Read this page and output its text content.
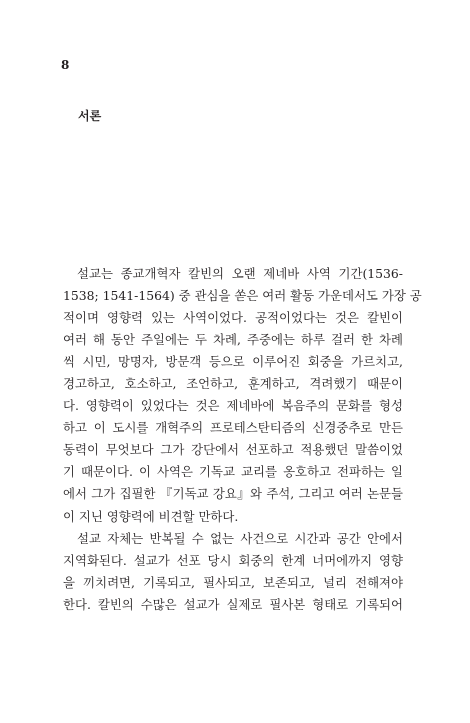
8
서론
설교는 종교개혁자 칼빈의 오랜 제네바 사역 기간(1536-
1538; 1541-1564) 중 관심을 쏟은 여러 활동 가운데서도 가장 공
적이며 영향력 있는 사역이었다. 공적이었다는 것은 칼빈이
여러 해 동안 주일에는 두 차례, 주중에는 하루 걸러 한 차례
씩 시민, 망명자, 방문객 등으로 이루어진 회중을 가르치고,
경고하고, 호소하고, 조언하고, 훈계하고, 격려했기 때문이
다. 영향력이 있었다는 것은 제네바에 복음주의 문화를 형성
하고 이 도시를 개혁주의 프로테스탄티즘의 신경중추로 만든
동력이 무엇보다 그가 강단에서 선포하고 적용했던 말씀이었
기 때문이다. 이 사역은 기독교 교리를 옹호하고 전파하는 일
에서 그가 집필한 『기독교 강요』와 주석, 그리고 여러 논문들
이 지닌 영향력에 비견할 만하다.
설교 자체는 반복될 수 없는 사건으로 시간과 공간 안에서
지역화된다. 설교가 선포 당시 회중의 한계 너머에까지 영향
을 끼치려면, 기록되고, 필사되고, 보존되고, 널리 전해져야
한다. 칼빈의 수많은 설교가 실제로 필사본 형태로 기록되어
